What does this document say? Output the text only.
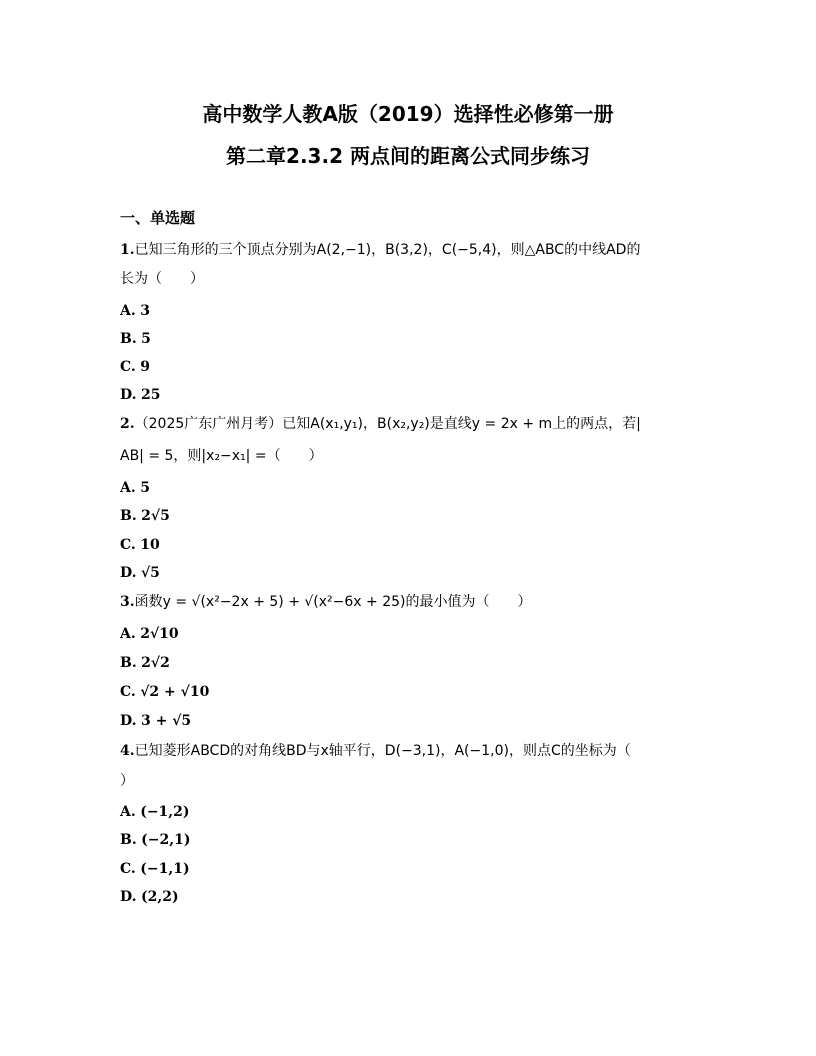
高中数学人教A版（2019）选择性必修第一册
第二章2.3.2 两点间的距离公式同步练习
一、单选题
1.已知三角形的三个顶点分别为A(2,−1)，B(3,2)，C(−5,4)，则△ABC的中线AD的
长为（　　）
A. 3
B. 5
C. 9
D. 25
2.（2025广东广州月考）已知A(x₁,y₁)，B(x₂,y₂)是直线y = 2x + m上的两点，若|
AB| = 5，则|x₂−x₁| =（　　）
A. 5
B. 2√5
C. 10
D. √5
3.函数y = √(x²−2x + 5) + √(x²−6x + 25)的最小值为（　　）
A. 2√10
B. 2√2
C. √2 + √10
D. 3 + √5
4.已知菱形ABCD的对角线BD与x轴平行，D(−3,1)，A(−1,0)，则点C的坐标为（
）
A. (−1,2)
B. (−2,1)
C. (−1,1)
D. (2,2)
